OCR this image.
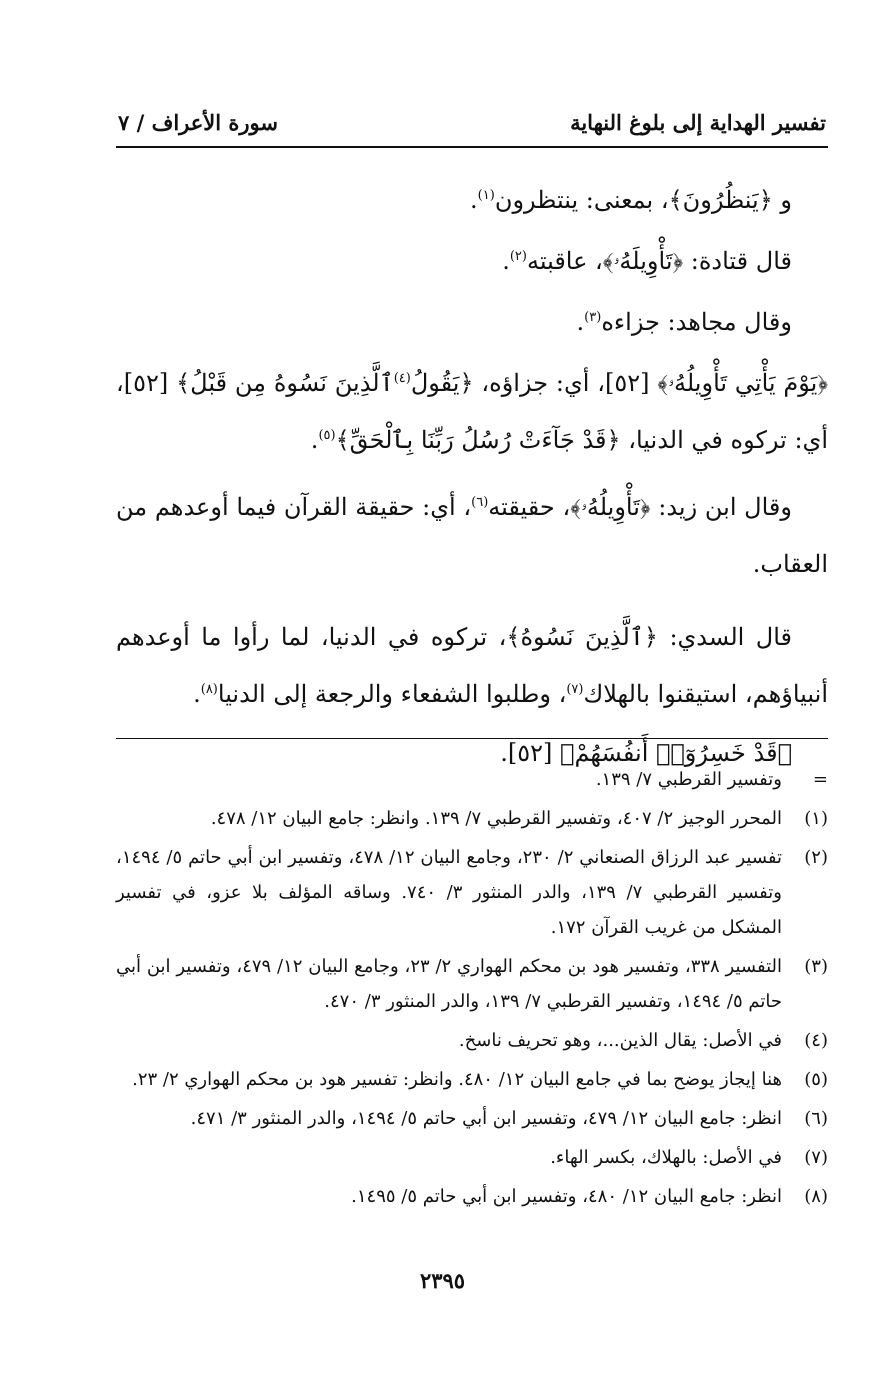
تفسير الهداية إلى بلوغ النهاية
سورة الأعراف / ٧

و ﴿يَنظُرُونَ﴾، بمعنى: ينتظرون$^{(١)}$.

قال قتادة: ﴿تَأْوِيلَهُۥ﴾، عاقبته$^{(٢)}$.

وقال مجاهد: جزاءه$^{(٣)}$.

﴿يَوْمَ يَأْتِي تَأْوِيلُهُۥ﴾ [٥٢]، أي: جزاؤه، ﴿يَقُولُ$^{(٤)}$ٱلَّذِينَ نَسُوهُ مِن قَبْلُ﴾ [٥٢]، أي: تركوه في الدنيا، ﴿قَدْ جَآءَتْ رُسُلُ رَبِّنَا بِٱلْحَقِّ﴾$^{(٥)}$.

وقال ابن زيد: ﴿تَأْوِيلُهُۥ﴾، حقيقته$^{(٦)}$، أي: حقيقة القرآن فيما أوعدهم من العقاب.

قال السدي: ﴿ٱلَّذِينَ نَسُوهُ﴾، تركوه في الدنيا، لما رأوا ما أوعدهم أنبياؤهم، استيقنوا بالهلاك$^{(٧)}$، وطلبوا الشفعاء والرجعة إلى الدنيا$^{(٨)}$.

﴿قَدْ خَسِرُوٓا۟ أَنفُسَهُمْ﴾ [٥٢].

=
وتفسير القرطبي ٧/ ١٣٩.
(١)
المحرر الوجيز ٢/ ٤٠٧، وتفسير القرطبي ٧/ ١٣٩. وانظر: جامع البيان ١٢/ ٤٧٨.
(٢)
تفسير عبد الرزاق الصنعاني ٢/ ٢٣٠، وجامع البيان ١٢/ ٤٧٨، وتفسير ابن أبي حاتم ٥/ ١٤٩٤، وتفسير القرطبي ٧/ ١٣٩، والدر المنثور ٣/ ٧٤٠. وساقه المؤلف بلا عزو، في تفسير المشكل من غريب القرآن ١٧٢.
(٣)
التفسير ٣٣٨، وتفسير هود بن محكم الهواري ٢/ ٢٣، وجامع البيان ١٢/ ٤٧٩، وتفسير ابن أبي حاتم ٥/ ١٤٩٤، وتفسير القرطبي ٧/ ١٣٩، والدر المنثور ٣/ ٤٧٠.
(٤)
في الأصل: يقال الذين...، وهو تحريف ناسخ.
(٥)
هنا إيجاز يوضح بما في جامع البيان ١٢/ ٤٨٠. وانظر: تفسير هود بن محكم الهواري ٢/ ٢٣.
(٦)
انظر: جامع البيان ١٢/ ٤٧٩، وتفسير ابن أبي حاتم ٥/ ١٤٩٤، والدر المنثور ٣/ ٤٧١.
(٧)
في الأصل: بالهلاك، بكسر الهاء.
(٨)
انظر: جامع البيان ١٢/ ٤٨٠، وتفسير ابن أبي حاتم ٥/ ١٤٩٥.
٢٣٩٥
